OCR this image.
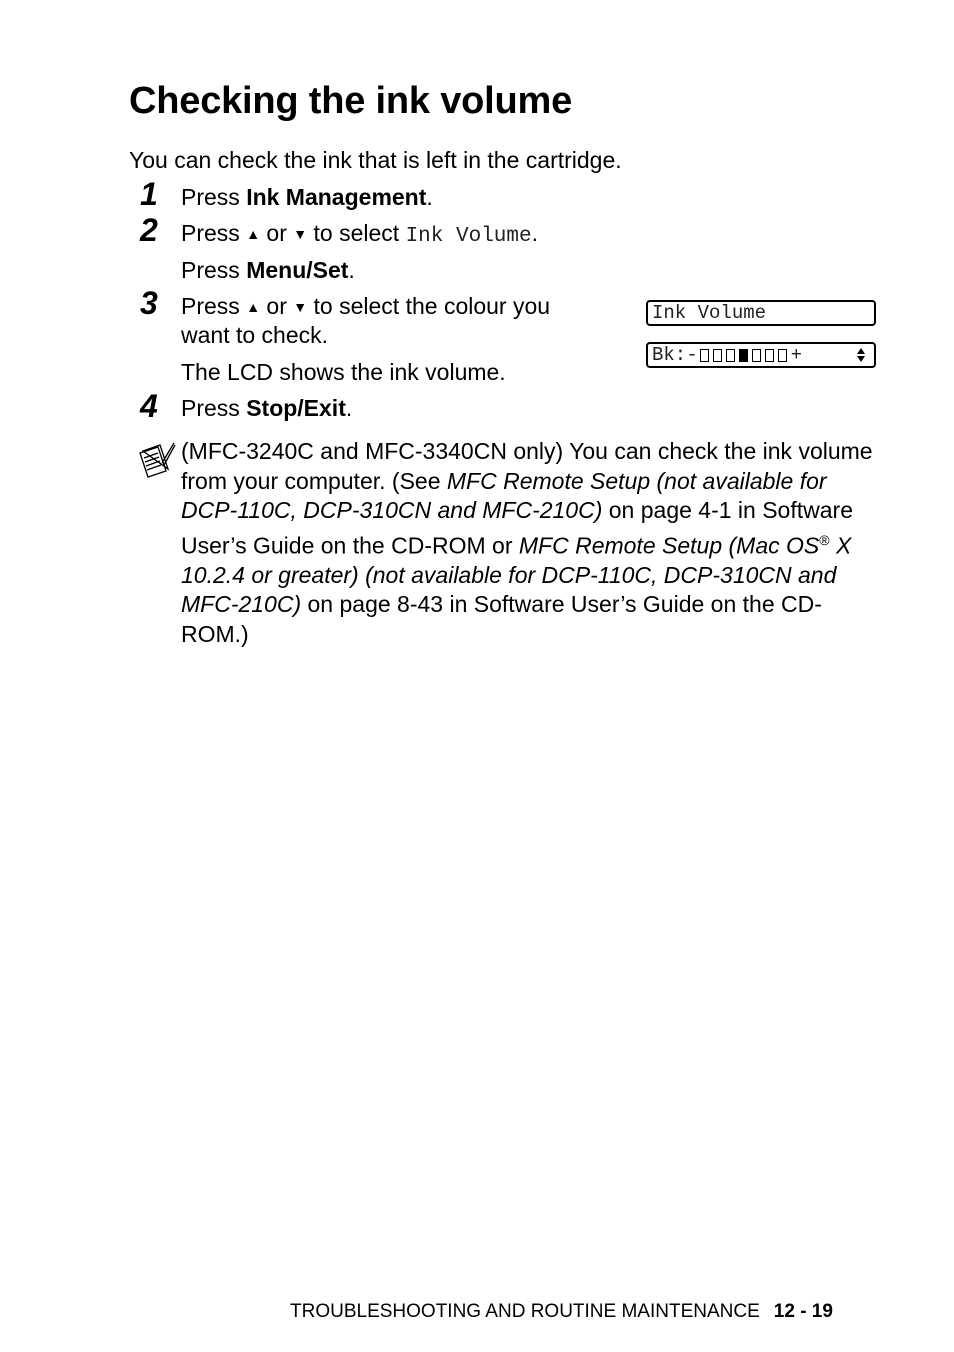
Checking the ink volume
You can check the ink that is left in the cartridge.
1 Press Ink Management.
2 Press ▲ or ▼ to select Ink Volume.
Press Menu/Set.
3 Press ▲ or ▼ to select the colour you
want to check.
The LCD shows the ink volume.
Ink Volume
Bk:-	+
4 Press Stop/Exit.
(MFC-3240C and MFC-3340CN only) You can check the ink volume from your computer. (See MFC Remote Setup (not available for DCP-110C, DCP-310CN and MFC-210C) on page 4-1 in Software User’s Guide on the CD-ROM or MFC Remote Setup (Mac OS® X 10.2.4 or greater) (not available for DCP-110C, DCP-310CN and MFC-210C) on page 8-43 in Software User’s Guide on the CD-ROM.)
TROUBLESHOOTING AND ROUTINE MAINTENANCE 12 - 19
